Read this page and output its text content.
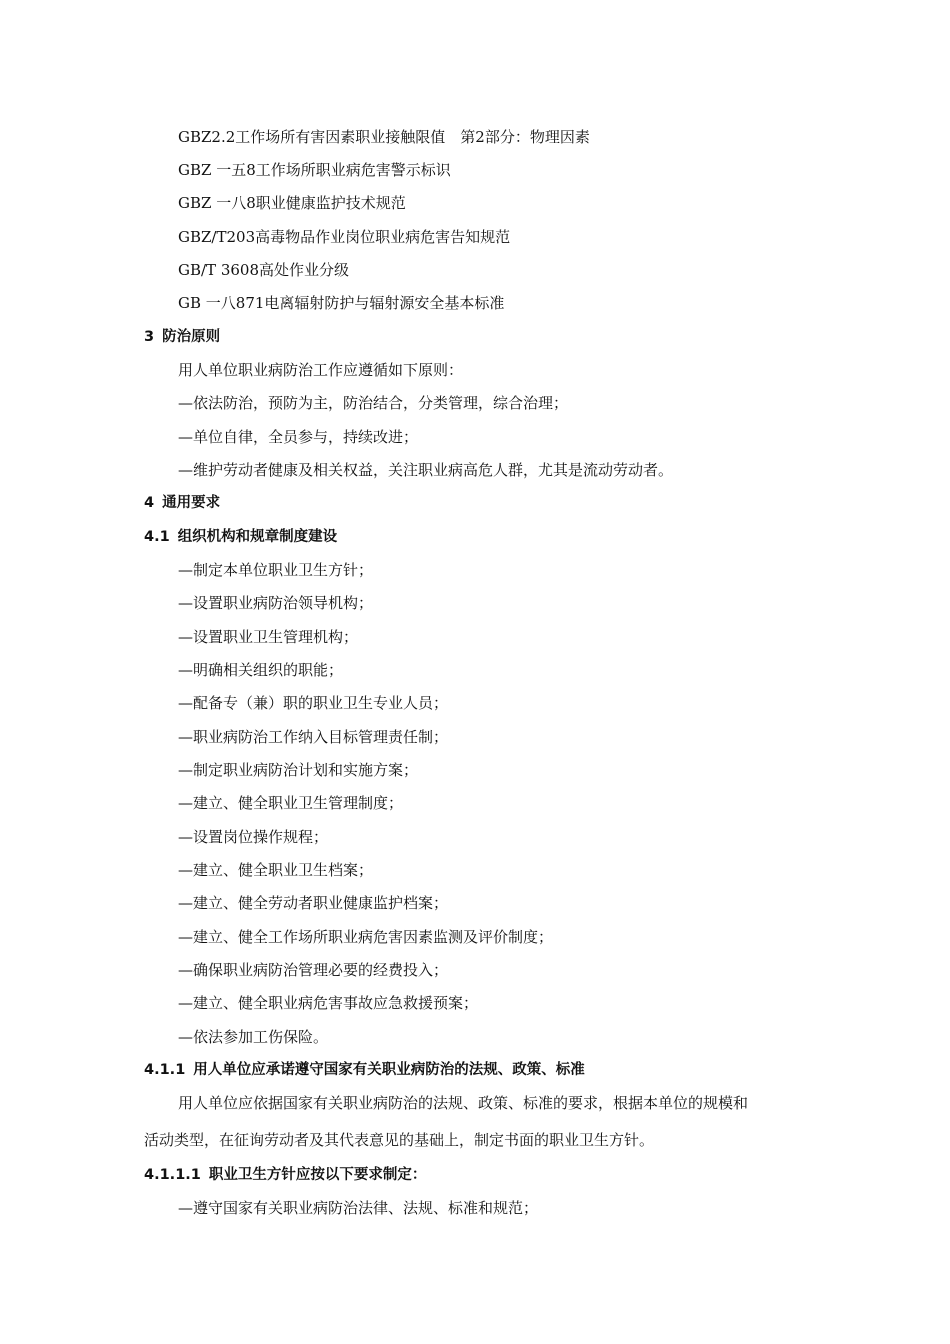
GBZ2.2工作场所有害因素职业接触限值　第2部分：物理因素
GBZ 一五8工作场所职业病危害警示标识
GBZ 一八8职业健康监护技术规范
GBZ/T203高毒物品作业岗位职业病危害告知规范
GB/T 3608高处作业分级
GB 一八871电离辐射防护与辐射源安全基本标准
3 防治原则
用人单位职业病防治工作应遵循如下原则：
—依法防治，预防为主，防治结合，分类管理，综合治理；
—单位自律，全员参与，持续改进；
—维护劳动者健康及相关权益，关注职业病高危人群，尤其是流动劳动者。
4 通用要求
4.1 组织机构和规章制度建设
—制定本单位职业卫生方针；
—设置职业病防治领导机构；
—设置职业卫生管理机构；
—明确相关组织的职能；
—配备专（兼）职的职业卫生专业人员；
—职业病防治工作纳入目标管理责任制；
—制定职业病防治计划和实施方案；
—建立、健全职业卫生管理制度；
—设置岗位操作规程；
—建立、健全职业卫生档案；
—建立、健全劳动者职业健康监护档案；
—建立、健全工作场所职业病危害因素监测及评价制度；
—确保职业病防治管理必要的经费投入；
—建立、健全职业病危害事故应急救援预案；
—依法参加工伤保险。
4.1.1 用人单位应承诺遵守国家有关职业病防治的法规、政策、标准
用人单位应依据国家有关职业病防治的法规、政策、标准的要求，根据本单位的规模和
活动类型，在征询劳动者及其代表意见的基础上，制定书面的职业卫生方针。
4.1.1.1 职业卫生方针应按以下要求制定：
—遵守国家有关职业病防治法律、法规、标准和规范；
